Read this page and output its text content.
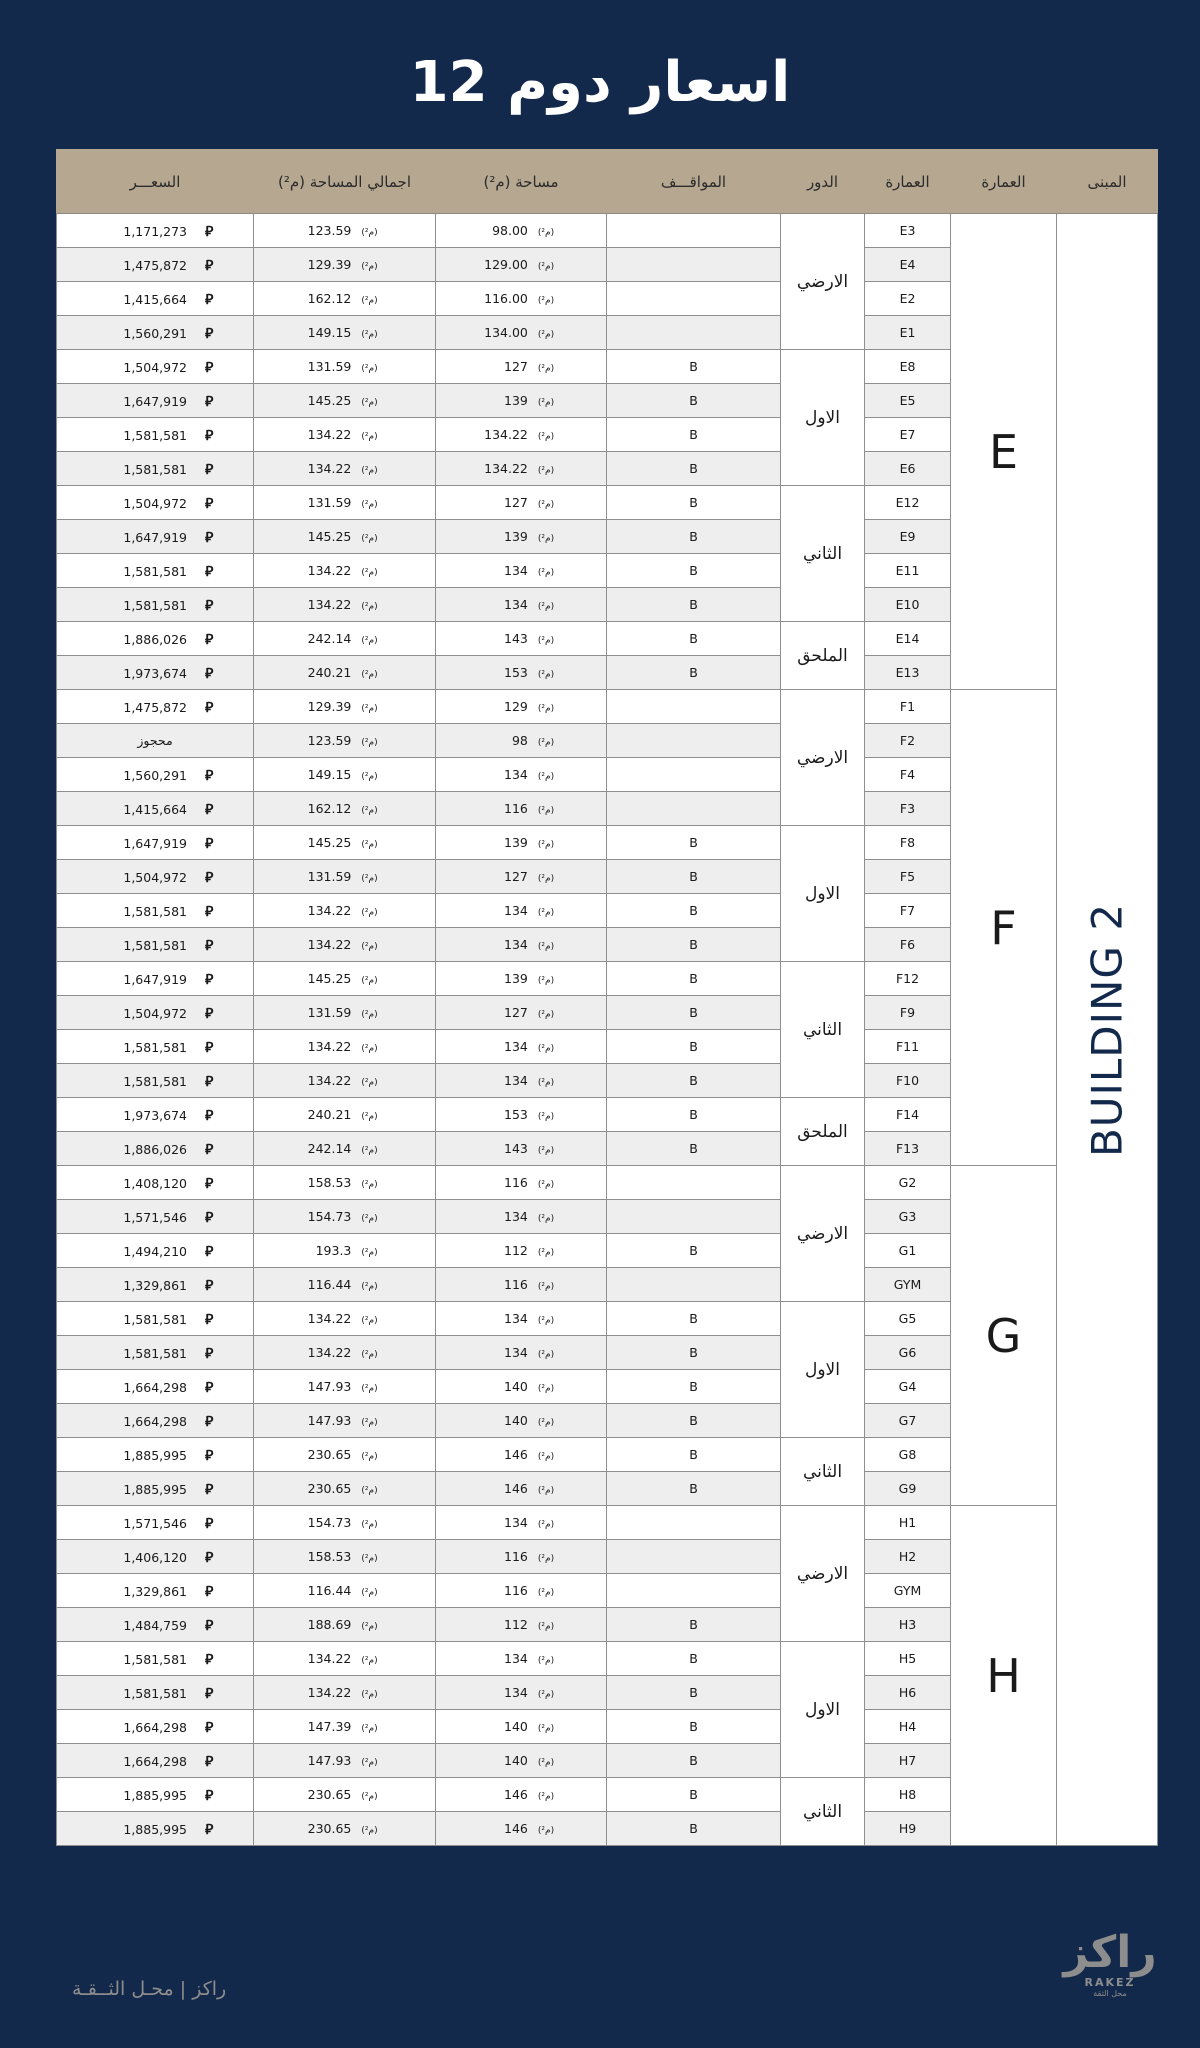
اسعار دوم 12
السعـــر	اجمالي المساحة (م²)	مساحة (م²)	المواقـــف	الدور	العمارة	العمارة	المبنى
1,171,273 ⃁	123.59 (م²)	98.00 (م²)		الارضي	E3	E	BUILDING 2

1,475,872 ⃁	129.39 (م²)	129.00 (م²)			E4		
1,415,664 ⃁	162.12 (م²)	116.00 (م²)			E2		
1,560,291 ⃁	149.15 (م²)	134.00 (م²)			E1		
1,504,972 ⃁	131.59 (م²)	127 (م²)	B	الاول	E8		
1,647,919 ⃁	145.25 (م²)	139 (م²)	B		E5		
1,581,581 ⃁	134.22 (م²)	134.22 (م²)	B		E7		
1,581,581 ⃁	134.22 (م²)	134.22 (م²)	B		E6		
1,504,972 ⃁	131.59 (م²)	127 (م²)	B	الثاني	E12		
1,647,919 ⃁	145.25 (م²)	139 (م²)	B		E9		
1,581,581 ⃁	134.22 (م²)	134 (م²)	B		E11		
1,581,581 ⃁	134.22 (م²)	134 (م²)	B		E10		
1,886,026 ⃁	242.14 (م²)	143 (م²)	B	الملحق	E14		
1,973,674 ⃁	240.21 (م²)	153 (م²)	B		E13		
1,475,872 ⃁	129.39 (م²)	129 (م²)		الارضي	F1	F	

محجوز	123.59 (م²)	98 (م²)			F2		
1,560,291 ⃁	149.15 (م²)	134 (م²)			F4		
1,415,664 ⃁	162.12 (م²)	116 (م²)			F3		
1,647,919 ⃁	145.25 (م²)	139 (م²)	B	الاول	F8		
1,504,972 ⃁	131.59 (م²)	127 (م²)	B		F5		
1,581,581 ⃁	134.22 (م²)	134 (م²)	B		F7		
1,581,581 ⃁	134.22 (م²)	134 (م²)	B		F6		
1,647,919 ⃁	145.25 (م²)	139 (م²)	B	الثاني	F12		
1,504,972 ⃁	131.59 (م²)	127 (م²)	B		F9		
1,581,581 ⃁	134.22 (م²)	134 (م²)	B		F11		
1,581,581 ⃁	134.22 (م²)	134 (م²)	B		F10		
1,973,674 ⃁	240.21 (م²)	153 (م²)	B	الملحق	F14		
1,886,026 ⃁	242.14 (م²)	143 (م²)	B		F13		
1,408,120 ⃁	158.53 (م²)	116 (م²)		الارضي	G2	G	
1,571,546 ⃁	154.73 (م²)	134 (م²)			G3		
1,494,210 ⃁	193.3 (م²)	112 (م²)	B		G1		
1,329,861 ⃁	116.44 (م²)	116 (م²)			GYM		
1,581,581 ⃁	134.22 (م²)	134 (م²)	B	الاول	G5		
1,581,581 ⃁	134.22 (م²)	134 (م²)	B		G6		
1,664,298 ⃁	147.93 (م²)	140 (م²)	B		G4		
1,664,298 ⃁	147.93 (م²)	140 (م²)	B		G7		
1,885,995 ⃁	230.65 (م²)	146 (م²)	B	الثاني	G8		
1,885,995 ⃁	230.65 (م²)	146 (م²)	B		G9		
1,571,546 ⃁	154.73 (م²)	134 (م²)		الارضي	H1	H	
1,406,120 ⃁	158.53 (م²)	116 (م²)			H2		
1,329,861 ⃁	116.44 (م²)	116 (م²)			GYM		
1,484,759 ⃁	188.69 (م²)	112 (م²)	B		H3		
1,581,581 ⃁	134.22 (م²)	134 (م²)	B	الاول	H5		
1,581,581 ⃁	134.22 (م²)	134 (م²)	B		H6		
1,664,298 ⃁	147.39 (م²)	140 (م²)	B		H4		
1,664,298 ⃁	147.93 (م²)	140 (م²)	B		H7		
1,885,995 ⃁	230.65 (م²)	146 (م²)	B	الثاني	H8		
1,885,995 ⃁	230.65 (م²)	146 (م²)	B		H9		
راكز | محـل الثــقـة
راكز
RAKEZ
محل الثقة
